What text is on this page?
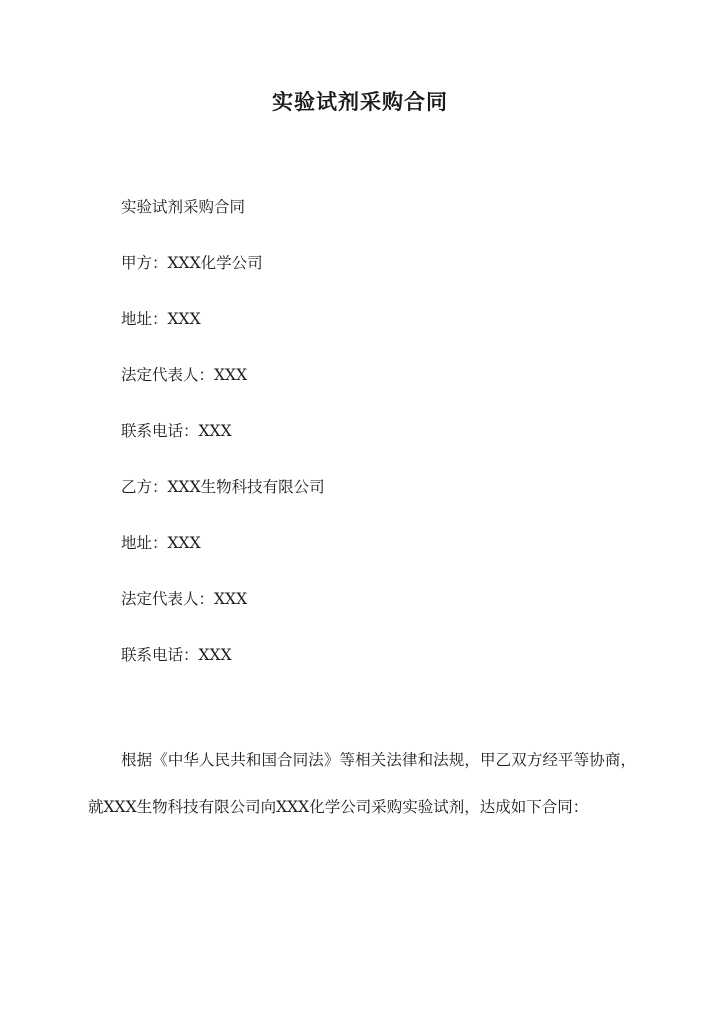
实验试剂采购合同
实验试剂采购合同
甲方：XXX化学公司
地址：XXX
法定代表人：XXX
联系电话：XXX
乙方：XXX生物科技有限公司
地址：XXX
法定代表人：XXX
联系电话：XXX

根据《中华人民共和国合同法》等相关法律和法规，甲乙双方经平等协商，就XXX生物科技有限公司向XXX化学公司采购实验试剂，达成如下合同：
